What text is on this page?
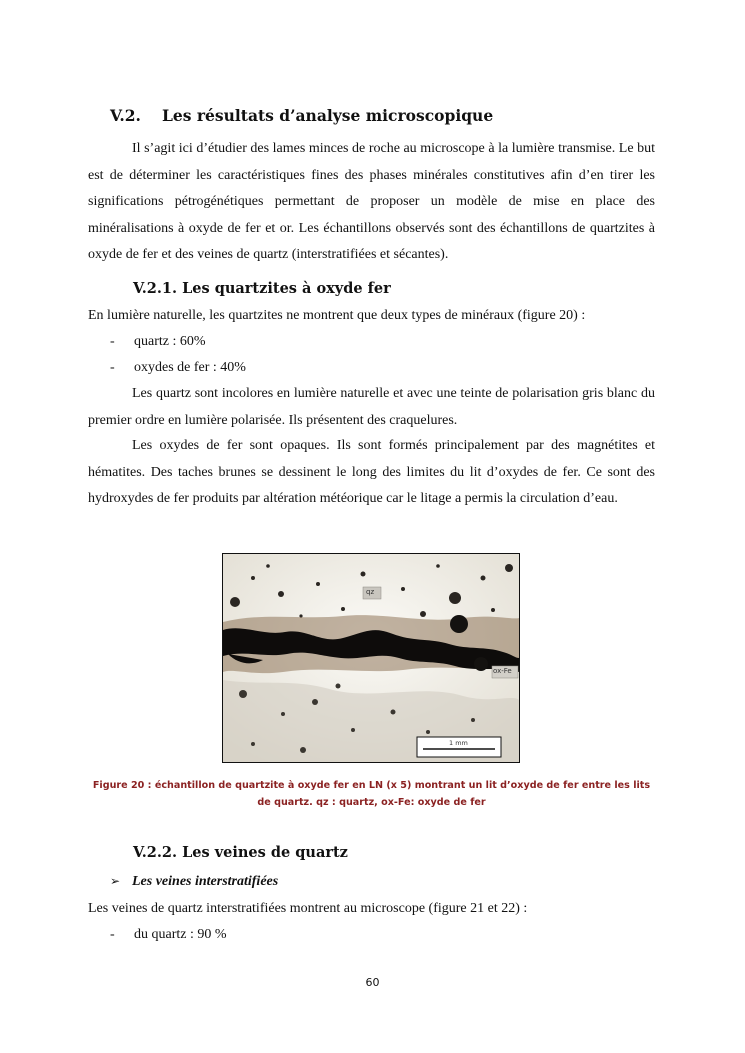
V.2. Les résultats d’analyse microscopique

Il s’agit ici d’étudier des lames minces de roche au microscope à la lumière transmise. Le but est de déterminer les caractéristiques fines des phases minérales constitutives afin d’en tirer les significations pétrogénétiques permettant de proposer un modèle de mise en place des minéralisations à oxyde de fer et or. Les échantillons observés sont des échantillons de quartzites à oxyde de fer et des veines de quartz (interstratifiées et sécantes).

V.2.1. Les quartzites à oxyde fer

En lumière naturelle, les quartzites ne montrent que deux types de minéraux (figure 20) :

- quartz : 60%
- oxydes de fer : 40%

Les quartz sont incolores en lumière naturelle et avec une teinte de polarisation gris blanc du premier ordre en lumière polarisée. Ils présentent des craquelures.

Les oxydes de fer sont opaques. Ils sont formés principalement par des magnétites et hématites. Des taches brunes se dessinent le long des limites du lit d’oxydes de fer. Ce sont des hydroxydes de fer produits par altération météorique car le litage a permis la circulation d’eau.

qz
ox-Fe
1 mm
Figure 20 : échantillon de quartzite à oxyde fer en LN (x 5) montrant un lit d’oxyde de fer entre les lits de quartz. qz : quartz, ox-Fe: oxyde de fer
V.2.2. Les veines de quartz
➢ Les veines interstratifiées

Les veines de quartz interstratifiées montrent au microscope (figure 21 et 22) :

- du quartz : 90 %
60
